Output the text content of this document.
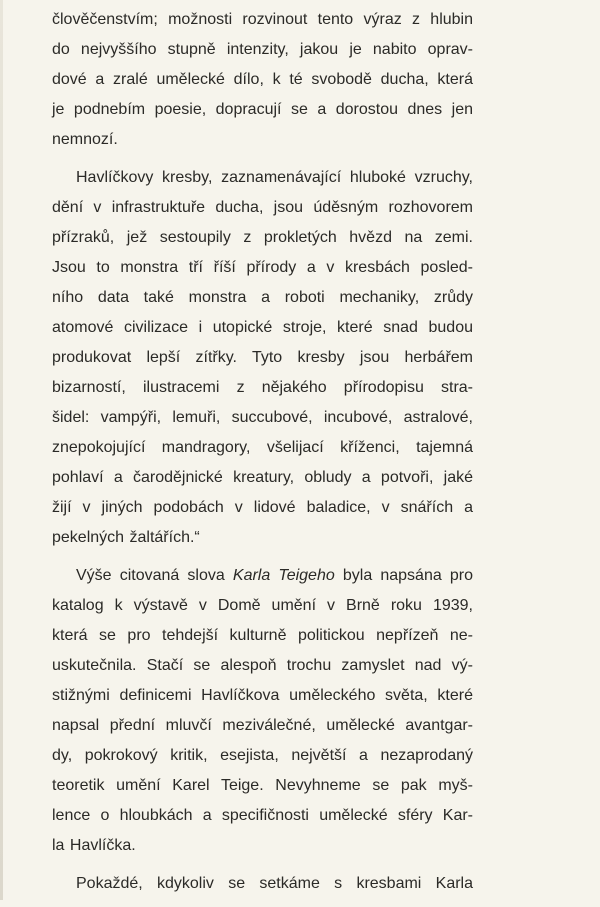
člověčenstvím; možnosti rozvinout tento výraz z hlubin
do nejvyššího stupně intenzity, jakou je nabito oprav-
dové a zralé umělecké dílo, k té svobodě ducha, která
je podnebím poesie, dopracují se a dorostou dnes jen
nemnozí.
Havlíčkovy kresby, zaznamenávající hluboké vzruchy,
dění v infrastruktuře ducha, jsou úděsným rozhovorem
přízraků, jež sestoupily z prokletých hvězd na zemi.
Jsou to monstra tří říší přírody a v kresbách posled-
ního data také monstra a roboti mechaniky, zrůdy
atomové civilizace i utopické stroje, které snad budou
produkovat lepší zítřky. Tyto kresby jsou herbářem
bizarností, ilustracemi z nějakého přírodopisu stra-
šidel: vampýři, lemuři, succubové, incubové, astralové,
znepokojující mandragory, všelijací kříženci, tajemná
pohlaví a čarodějnické kreatury, obludy a potvoři, jaké
žijí v jiných podobách v lidové baladice, v snářích a
pekelných žaltářích.“
Výše citovaná slova Karla Teigeho byla napsána pro
katalog k výstavě v Domě umění v Brně roku 1939,
která se pro tehdejší kulturně politickou nepřízeň ne-
uskutečnila. Stačí se alespoň trochu zamyslet nad vý-
stižnými definicemi Havlíčkova uměleckého světa, které
napsal přední mluvčí meziválečné, umělecké avantgar-
dy, pokrokový kritik, esejista, největší a nezaprodaný
teoretik umění Karel Teige. Nevyhneme se pak myš-
lence o hloubkách a specifičnosti umělecké sféry Kar-
la Havlíčka.
Pokaždé, kdykoliv se setkáme s kresbami Karla
